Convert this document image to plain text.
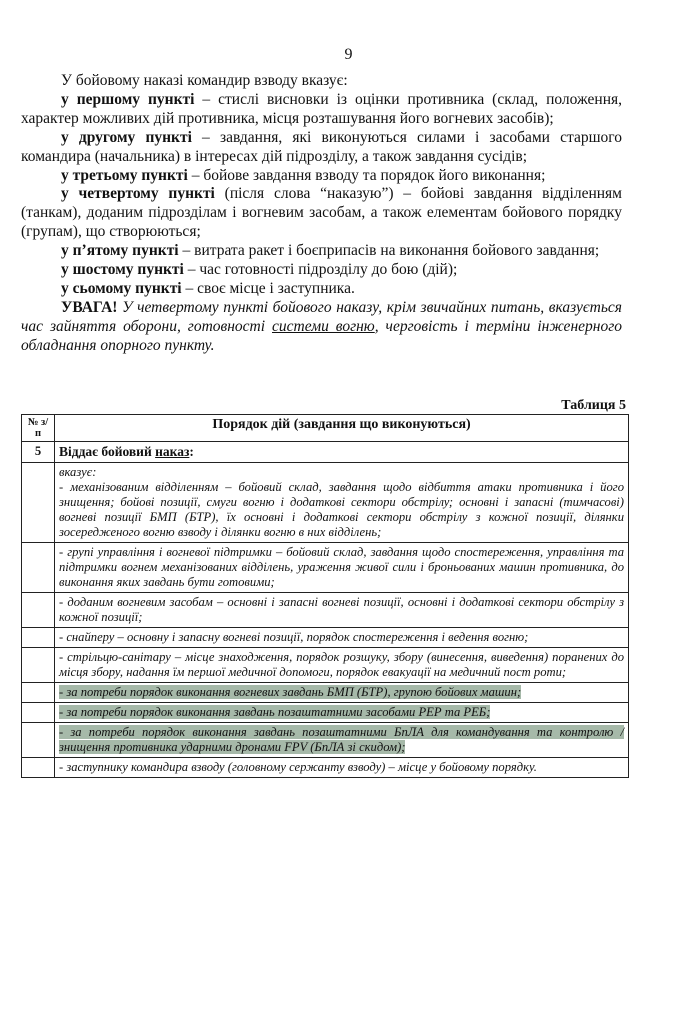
9

У бойовому наказі командир взводу вказує:

у першому пункті – стислі висновки із оцінки противника (склад, положення, характер можливих дій противника, місця розташування його вогневих засобів);

у другому пункті – завдання, які виконуються силами і засобами старшого командира (начальника) в інтересах дій підрозділу, а також завдання сусідів;

у третьому пункті – бойове завдання взводу та порядок його виконання;

у четвертому пункті (після слова “наказую”) – бойові завдання відділенням (танкам), доданим підрозділам і вогневим засобам, а також елементам бойового порядку (групам), що створюються;

у п’ятому пункті – витрата ракет і боєприпасів на виконання бойового завдання;

у шостому пункті – час готовності підрозділу до бою (дій);

у сьомому пункті – своє місце і заступника.

УВАГА! У четвертому пункті бойового наказу, крім звичайних питань, вказується час зайняття оборони, готовності системи вогню, черговість і терміни інженерного обладнання опорного пункту.

Таблиця 5
№ з/п	Порядок дій (завдання що виконуються)
5	Віддає бойовий наказ:
	вказує:
- механізованим відділенням – бойовий склад, завдання щодо відбиття атаки противника і його знищення; бойові позиції, смуги вогню і додаткові сектори обстрілу; основні і запасні (тимчасові) вогневі позиції БМП (БТР), їх основні і додаткові сектори обстрілу з кожної позиції, ділянки зосередженого вогню взводу і ділянки вогню в них відділень;
	- групі управління і вогневої підтримки – бойовий склад, завдання щодо спостереження, управління та підтримки вогнем механізованих відділень, ураження живої сили і броньованих машин противника, до виконання яких завдань бути готовими;
	- доданим вогневим засобам – основні і запасні вогневі позиції, основні і додаткові сектори обстрілу з кожної позиції;
	- снайперу – основну і запасну вогневі позиції, порядок спостереження і ведення вогню;
	- стрільцю-санітару – місце знаходження, порядок розшуку, збору (винесення, виведення) поранених до місця збору, надання їм першої медичної допомоги, порядок евакуації на медичний пост роти;
	- за потреби порядок виконання вогневих завдань БМП (БТР), групою бойових машин;
	- за потреби порядок виконання завдань позаштатними засобами РЕР та РЕБ;
	- за потреби порядок виконання завдань позаштатними БпЛА для командування та контролю /знищення противника ударними дронами FPV (БпЛА зі скидом);
	- заступнику командира взводу (головному сержанту взводу) – місце у бойовому порядку.
